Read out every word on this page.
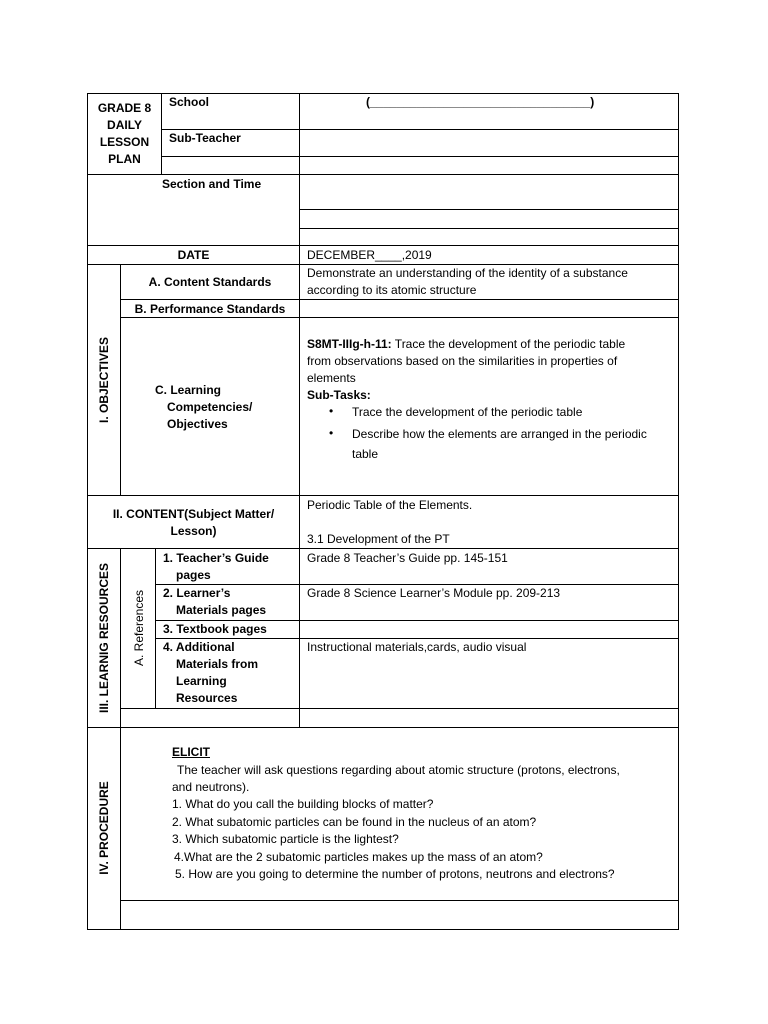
GRADE 8
DAILY
LESSON
PLAN
School	(_________________________________)
Sub-Teacher
Section and Time
DATE	DECEMBER____,2019
I. OBJECTIVES
A. Content Standards
Demonstrate an understanding of the identity of a substance according to its atomic structure
B. Performance Standards
C. Learning
Competencies/
Objectives
S8MT-IIIg-h-11: Trace the development of the periodic table
from observations based on the similarities in properties of
elements
Sub-Tasks:
• Trace the development of the periodic table
• Describe how the elements are arranged in the periodic
table
II. CONTENT(Subject Matter/
Lesson)
Periodic Table of the Elements.
3.1 Development of the PT
III. LEARNIG RESOURCES A. References
1. Teacher’s Guide
pages
Grade 8 Teacher’s Guide pp. 145-151
2. Learner’s
Materials pages
Grade 8 Science Learner’s Module pp. 209-213
3. Textbook pages
4. Additional
Materials from
Learning
Resources
Instructional materials,cards, audio visual
IV. PROCEDURE
ELICIT
The teacher will ask questions regarding about atomic structure (protons, electrons,
and neutrons).
1. What do you call the building blocks of matter?
2. What subatomic particles can be found in the nucleus of an atom?
3. Which subatomic particle is the lightest?
4.What are the 2 subatomic particles makes up the mass of an atom?
5. How are you going to determine the number of protons, neutrons and electrons?
